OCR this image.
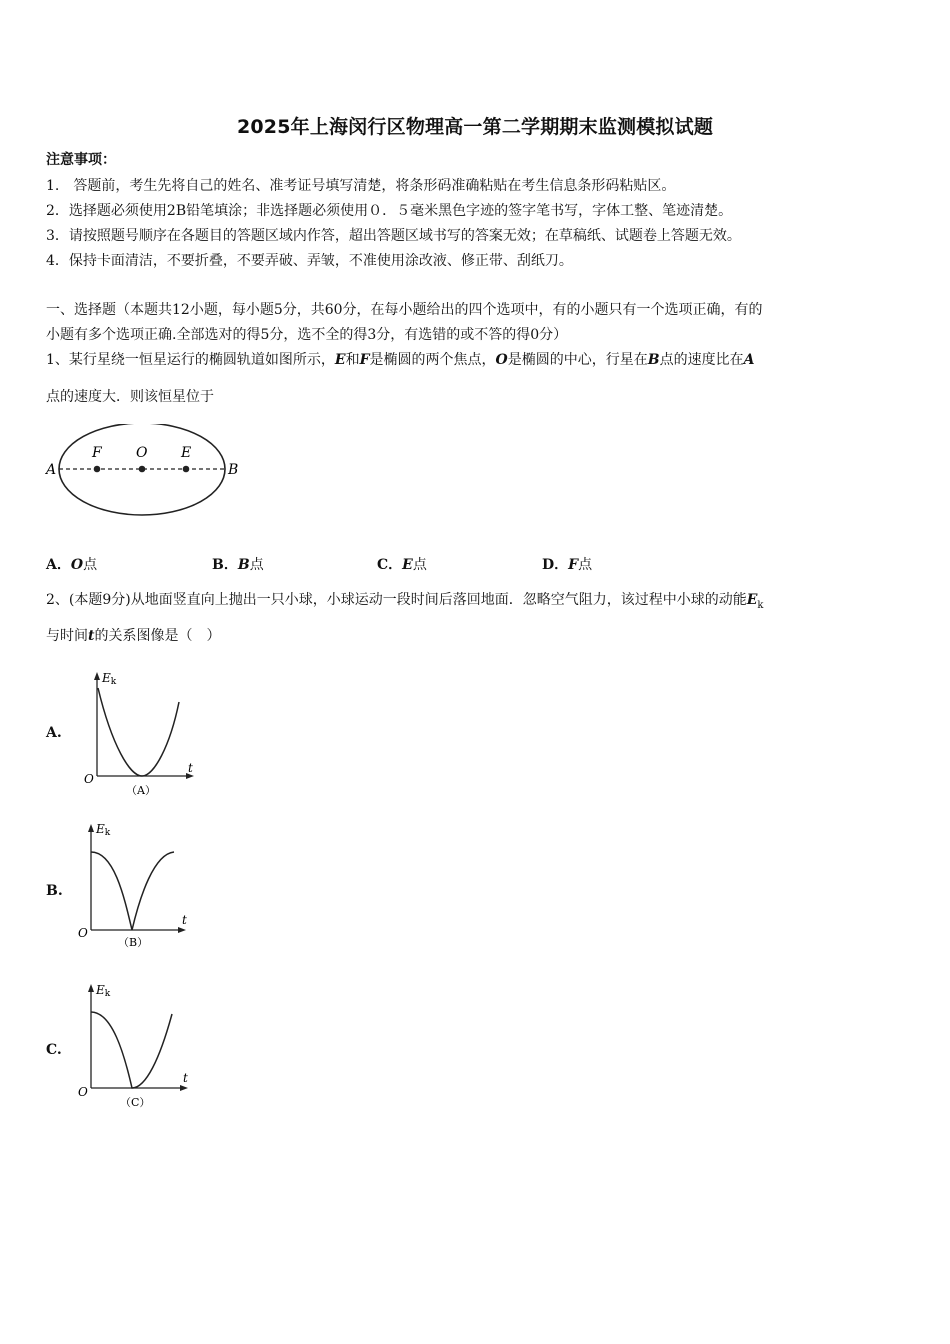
2025年上海闵行区物理高一第二学期期末监测模拟试题
注意事项：
1.　答题前，考生先将自己的姓名、准考证号填写清楚，将条形码准确粘贴在考生信息条形码粘贴区。
2．选择题必须使用2B铅笔填涂；非选择题必须使用０．５毫米黑色字迹的签字笔书写，字体工整、笔迹清楚。
3．请按照题号顺序在各题目的答题区域内作答，超出答题区域书写的答案无效；在草稿纸、试题卷上答题无效。
4．保持卡面清洁，不要折叠，不要弄破、弄皱，不准使用涂改液、修正带、刮纸刀。
一、选择题（本题共12小题，每小题5分，共60分，在每小题给出的四个选项中，有的小题只有一个选项正确，有的
小题有多个选项正确.全部选对的得5分，选不全的得3分，有选错的或不答的得0分）
1、某行星绕一恒星运行的椭圆轨道如图所示，E和F是椭圆的两个焦点，O是椭圆的中心，行星在B点的速度比在A
点的速度大．则该恒星位于
A	B
F O E
A．O点	B．B点	C．E点	D．F点
2、(本题9分)从地面竖直向上抛出一只小球，小球运动一段时间后落回地面．忽略空气阻力，该过程中小球的动能$E_k$
与时间t的关系图像是（　）
A.
Ek
t
O
（A）
B.
Ek
t
O
（B）
C.
Ek
t
O
（C）
